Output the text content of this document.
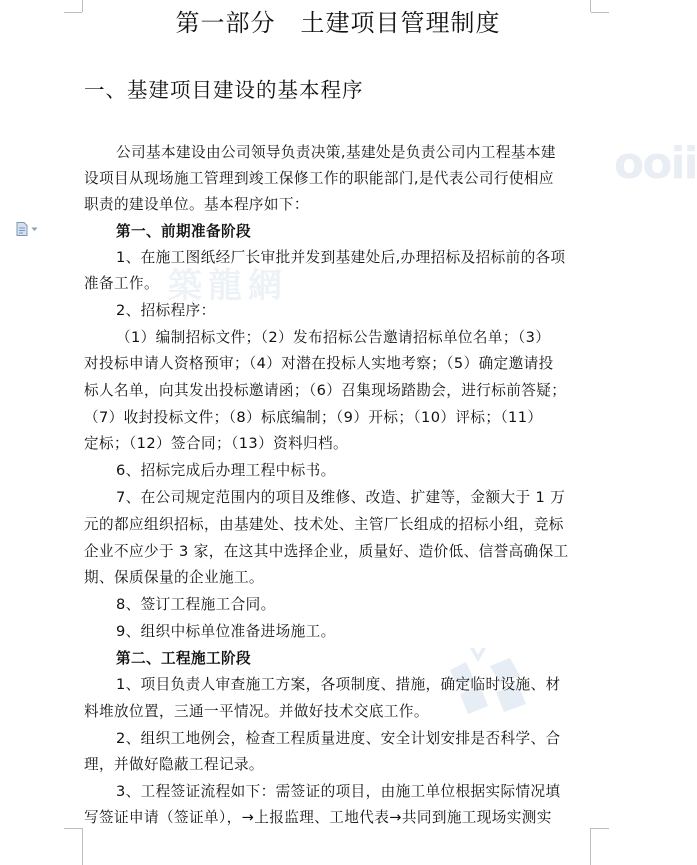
築龍網
ooii
第一部分　土建项目管理制度
一、基建项目建设的基本程序

公司基本建设由公司领导负责决策,基建处是负责公司内工程基本建

设项目从现场施工管理到竣工保修工作的职能部门,是代表公司行使相应

职责的建设单位。基本程序如下：

第一、前期准备阶段

1、在施工图纸经厂长审批并发到基建处后,办理招标及招标前的各项

准备工作。

2、招标程序：

（1）编制招标文件；（2）发布招标公告邀请招标单位名单；（3）

对投标申请人资格预审；（4）对潜在投标人实地考察；（5）确定邀请投

标人名单，向其发出投标邀请函；（6）召集现场踏勘会，进行标前答疑；

（7）收封投标文件；（8）标底编制；（9）开标；（10）评标；（11）

定标；（12）签合同；（13）资料归档。

6、招标完成后办理工程中标书。

7、在公司规定范围内的项目及维修、改造、扩建等，金额大于 1 万

元的都应组织招标，由基建处、技术处、主管厂长组成的招标小组，竞标

企业不应少于 3 家，在这其中选择企业，质量好、造价低、信誉高确保工

期、保质保量的企业施工。

8、签订工程施工合同。

9、组织中标单位准备进场施工。

第二、工程施工阶段

1、项目负责人审查施工方案，各项制度、措施，确定临时设施、材

料堆放位置，三通一平情况。并做好技术交底工作。

2、组织工地例会，检查工程质量进度、安全计划安排是否科学、合

理，并做好隐蔽工程记录。

3、工程签证流程如下：需签证的项目，由施工单位根据实际情况填

写签证申请（签证单），→上报监理、工地代表→共同到施工现场实测实
